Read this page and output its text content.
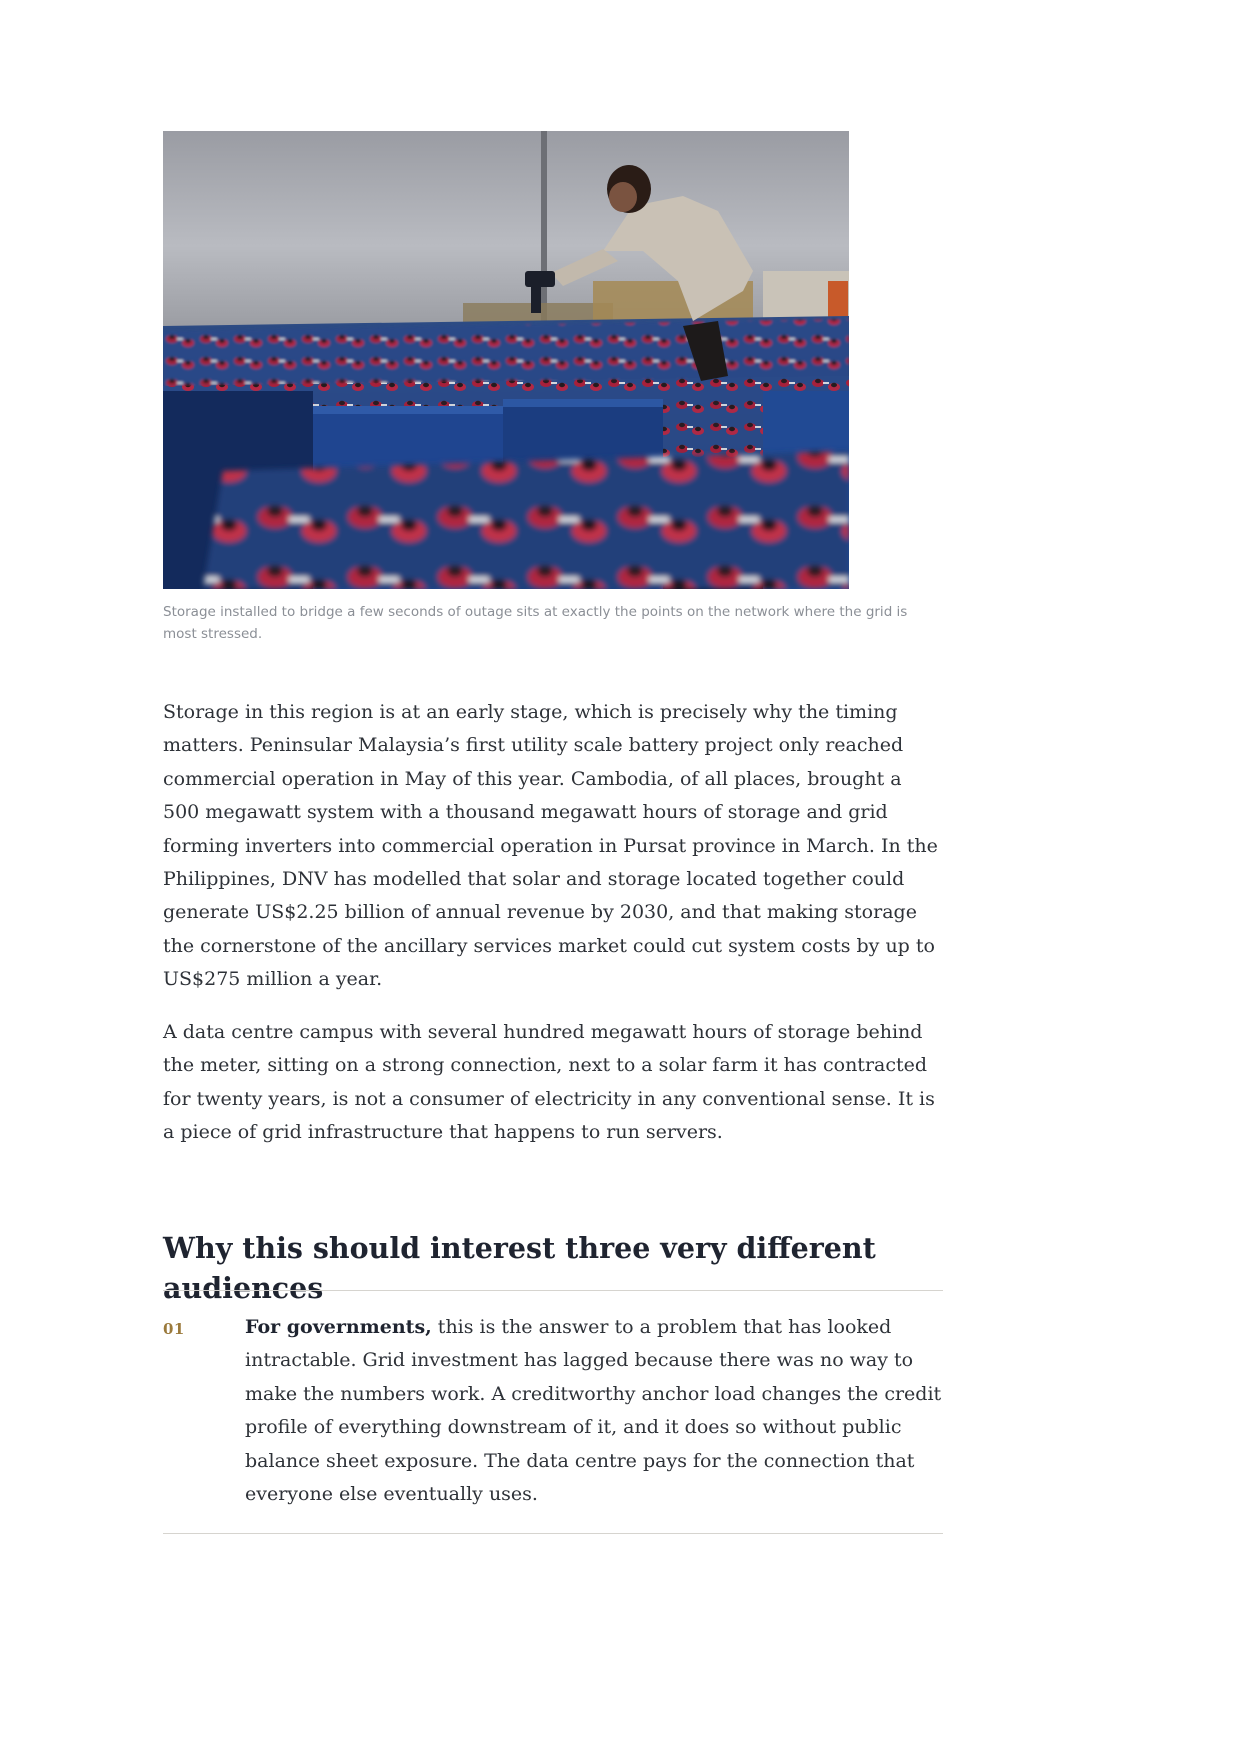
Storage installed to bridge a few seconds of outage sits at exactly the points on the network where the grid is most stressed.

Storage in this region is at an early stage, which is precisely why the timing matters. Peninsular Malaysia’s first utility scale battery project only reached commercial operation in May of this year. Cambodia, of all places, brought a 500 megawatt system with a thousand megawatt hours of storage and grid forming inverters into commercial operation in Pursat province in March. In the Philippines, DNV has modelled that solar and storage located together could generate US$2.25 billion of annual revenue by 2030, and that making storage the cornerstone of the ancillary services market could cut system costs by up to US$275 million a year.

A data centre campus with several hundred megawatt hours of storage behind the meter, sitting on a strong connection, next to a solar farm it has contracted for twenty years, is not a consumer of electricity in any conventional sense. It is a piece of grid infrastructure that happens to run servers.

Why this should interest three very different audiences
01	For governments, this is the answer to a problem that has looked intractable. Grid investment has lagged because there was no way to make the numbers work. A creditworthy anchor load changes the credit profile of everything downstream of it, and it does so without public balance sheet exposure. The data centre pays for the connection that everyone else eventually uses.
